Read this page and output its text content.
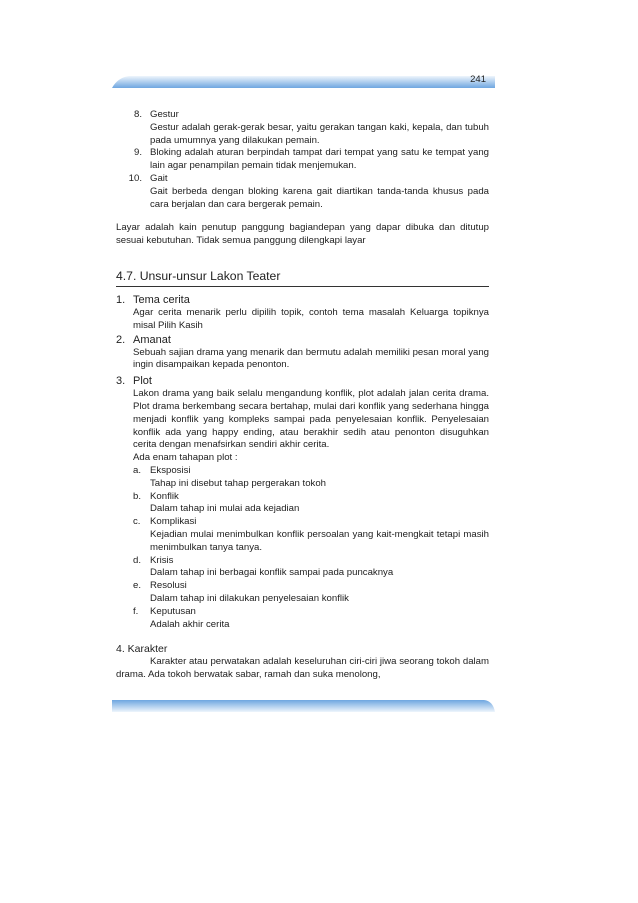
241
8. Gestur
Gestur adalah gerak-gerak besar, yaitu gerakan tangan kaki, kepala, dan tubuh pada umumnya yang dilakukan pemain.
9. Bloking adalah aturan berpindah tampat dari tempat yang satu ke tempat yang lain agar penampilan pemain tidak menjemukan.
10. Gait
Gait berbeda dengan bloking karena gait diartikan tanda-tanda khusus pada cara berjalan dan cara bergerak pemain.
Layar adalah kain penutup panggung bagiandepan yang dapar dibuka dan ditutup sesuai kebutuhan. Tidak semua panggung dilengkapi layar
4.7. Unsur-unsur Lakon Teater
1. Tema cerita
Agar cerita menarik perlu dipilih topik, contoh tema masalah Keluarga topiknya misal Pilih Kasih
2. Amanat
Sebuah sajian drama yang menarik dan bermutu adalah memiliki pesan moral yang ingin disampaikan kepada penonton.
3. Plot
Lakon drama yang baik selalu mengandung konflik, plot adalah jalan cerita drama. Plot drama berkembang secara bertahap, mulai dari konflik yang sederhana hingga menjadi konflik yang kompleks sampai pada penyelesaian konflik. Penyelesaian konflik ada yang happy ending, atau berakhir sedih atau penonton disuguhkan cerita dengan menafsirkan sendiri akhir cerita.
Ada enam tahapan plot :
a. Eksposisi
Tahap ini disebut tahap pergerakan tokoh
b. Konflik
Dalam tahap ini mulai ada kejadian
c. Komplikasi
Kejadian mulai menimbulkan konflik persoalan yang kait-mengkait tetapi masih menimbulkan tanya tanya.
d. Krisis
Dalam tahap ini berbagai konflik sampai pada puncaknya
e. Resolusi
Dalam tahap ini dilakukan penyelesaian konflik
f.	Keputusan
Adalah akhir cerita
4. Karakter
Karakter atau perwatakan adalah keseluruhan ciri-ciri jiwa seorang tokoh dalam drama. Ada tokoh berwatak sabar, ramah dan suka menolong,
